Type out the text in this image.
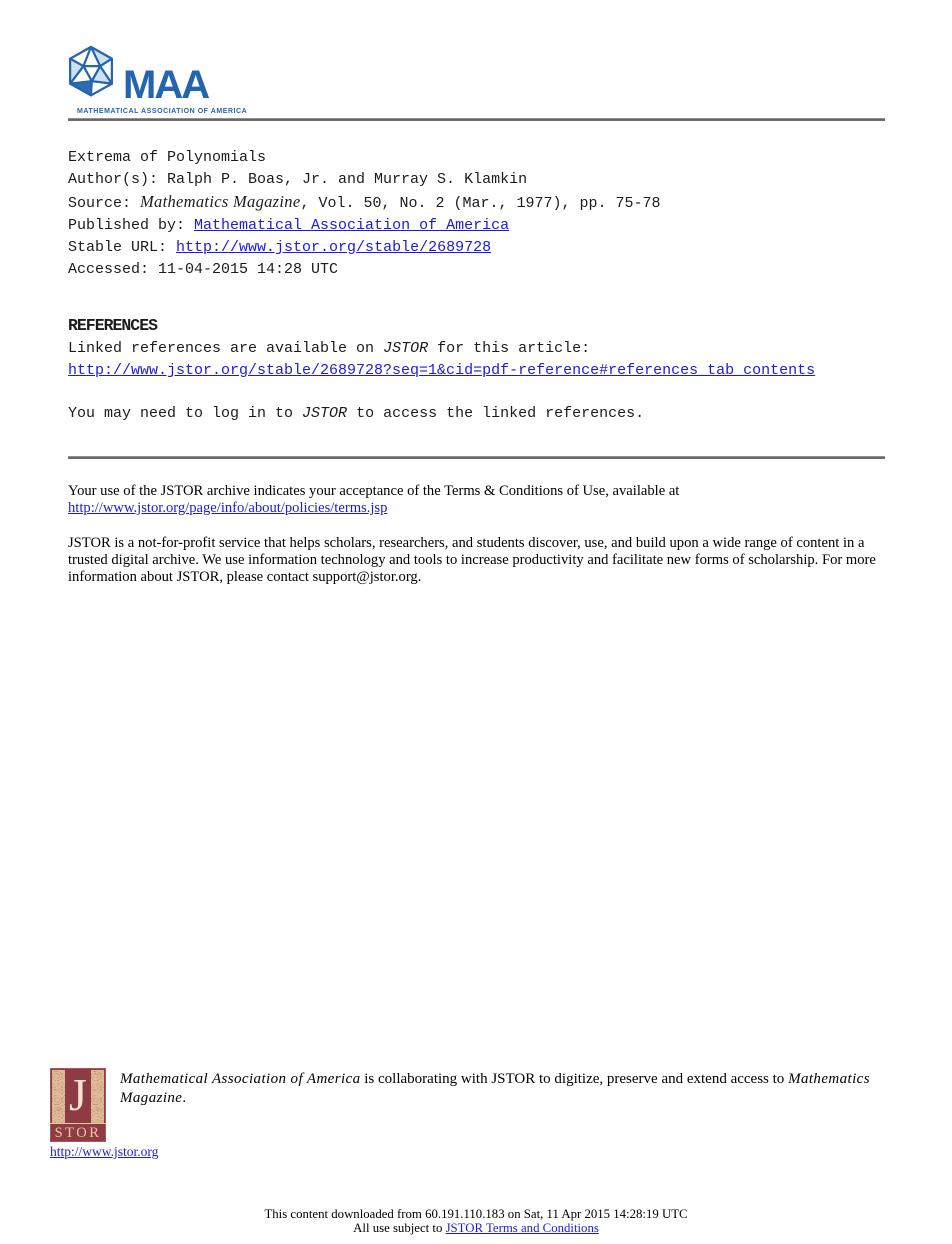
MAA
MATHEMATICAL ASSOCIATION OF AMERICA
Extrema of Polynomials
Author(s): Ralph P. Boas, Jr. and Murray S. Klamkin
Source: Mathematics Magazine, Vol. 50, No. 2 (Mar., 1977), pp. 75-78
Published by: Mathematical Association of America
Stable URL: http://www.jstor.org/stable/2689728
Accessed: 11-04-2015 14:28 UTC
REFERENCES
Linked references are available on JSTOR for this article:
http://www.jstor.org/stable/2689728?seq=1&cid=pdf-reference#references_tab_contents
You may need to log in to JSTOR to access the linked references.
Your use of the JSTOR archive indicates your acceptance of the Terms & Conditions of Use, available at
http://www.jstor.org/page/info/about/policies/terms.jsp
JSTOR is a not-for-profit service that helps scholars, researchers, and students discover, use, and build upon a wide range of content in a trusted digital archive. We use information technology and tools to increase productivity and facilitate new forms of scholarship. For more information about JSTOR, please contact support@jstor.org.
J
STOR
Mathematical Association of America is collaborating with JSTOR to digitize, preserve and extend access to Mathematics Magazine.
http://www.jstor.org
This content downloaded from 60.191.110.183 on Sat, 11 Apr 2015 14:28:19 UTC
All use subject to JSTOR Terms and Conditions
